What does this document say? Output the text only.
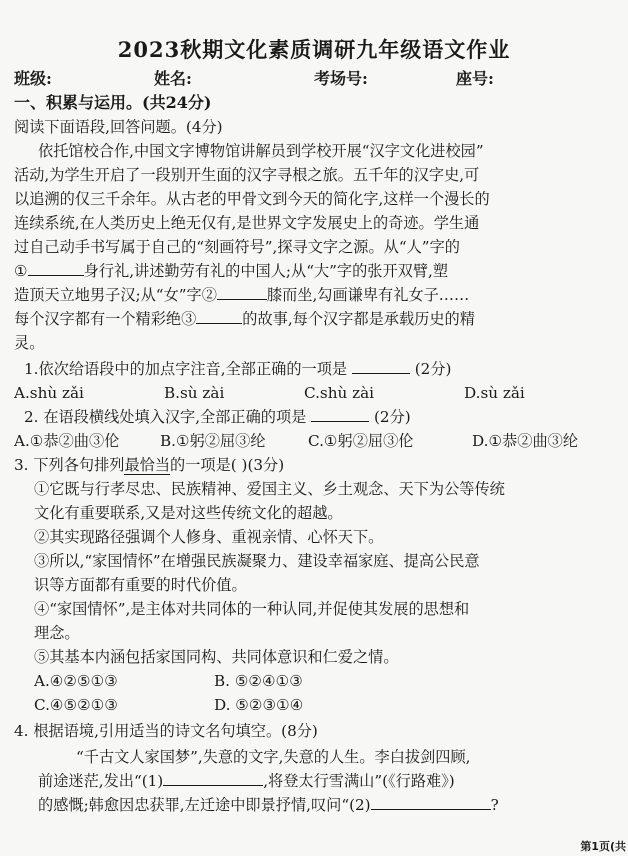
2023秋期文化素质调研九年级语文作业
班级:	姓名:	考场号:	座号:
一、积累与运用。(共24分)
阅读下面语段,回答问题。(4分)
依托馆校合作,中国文字博物馆讲解员到学校开展“汉字文化进校园”
活动,为学生开启了一段别开生面的汉字寻根之旅。五千年的汉字史,可
以追溯的仅三千余年。从古老的甲骨文到今天的简化字,这样一个漫长的
连续系统,在人类历史上绝无仅有,是世界文字发展史上的奇迹。学生通
过自己动手书写属于自己的“刻画符号”,探寻文字之源。从“人”字的
①	身行礼,讲述勤劳有礼的中国人;从“大”字的张开双臂,塑
造顶天立地男子汉;从“女”字②	膝而坐,勾画谦卑有礼女子……
每个汉字都有一个精彩绝③	的故事,每个汉字都是承载历史的精
灵。
1.依次给语段中的加点字注音,全部正确的一项是	(2分)
A.shù zǎi	B.sù zài	C.shù zài	D.sù zǎi
2. 在语段横线处填入汉字,全部正确的项是	(2分)
A.①恭②曲③伦	B.①躬②屈③纶	C.①躬②屈③伦	D.①恭②曲③纶
3. 下列各句排列最恰当的一项是( )(3分)
①它既与行孝尽忠、民族精神、爱国主义、乡土观念、天下为公等传统
文化有重要联系,又是对这些传统文化的超越。
②其实现路径强调个人修身、重视亲情、心怀天下。
③所以,“家国情怀”在增强民族凝聚力、建设幸福家庭、提高公民意
识等方面都有重要的时代价值。
④“家国情怀”,是主体对共同体的一种认同,并促使其发展的思想和
理念。
⑤其基本内涵包括家国同构、共同体意识和仁爱之情。
A.④②⑤①③	B. ⑤②④①③
C.④⑤②①③	D. ⑤②③①④
4. 根据语境,引用适当的诗文名句填空。(8分)
“千古文人家国梦”,失意的文字,失意的人生。李白拔剑四顾,
前途迷茫,发出“(1)	,将登太行雪满山”(《行路难》)
的感慨;韩愈因忠获罪,左迁途中即景抒情,叹问“(2)	?
第1页(共
